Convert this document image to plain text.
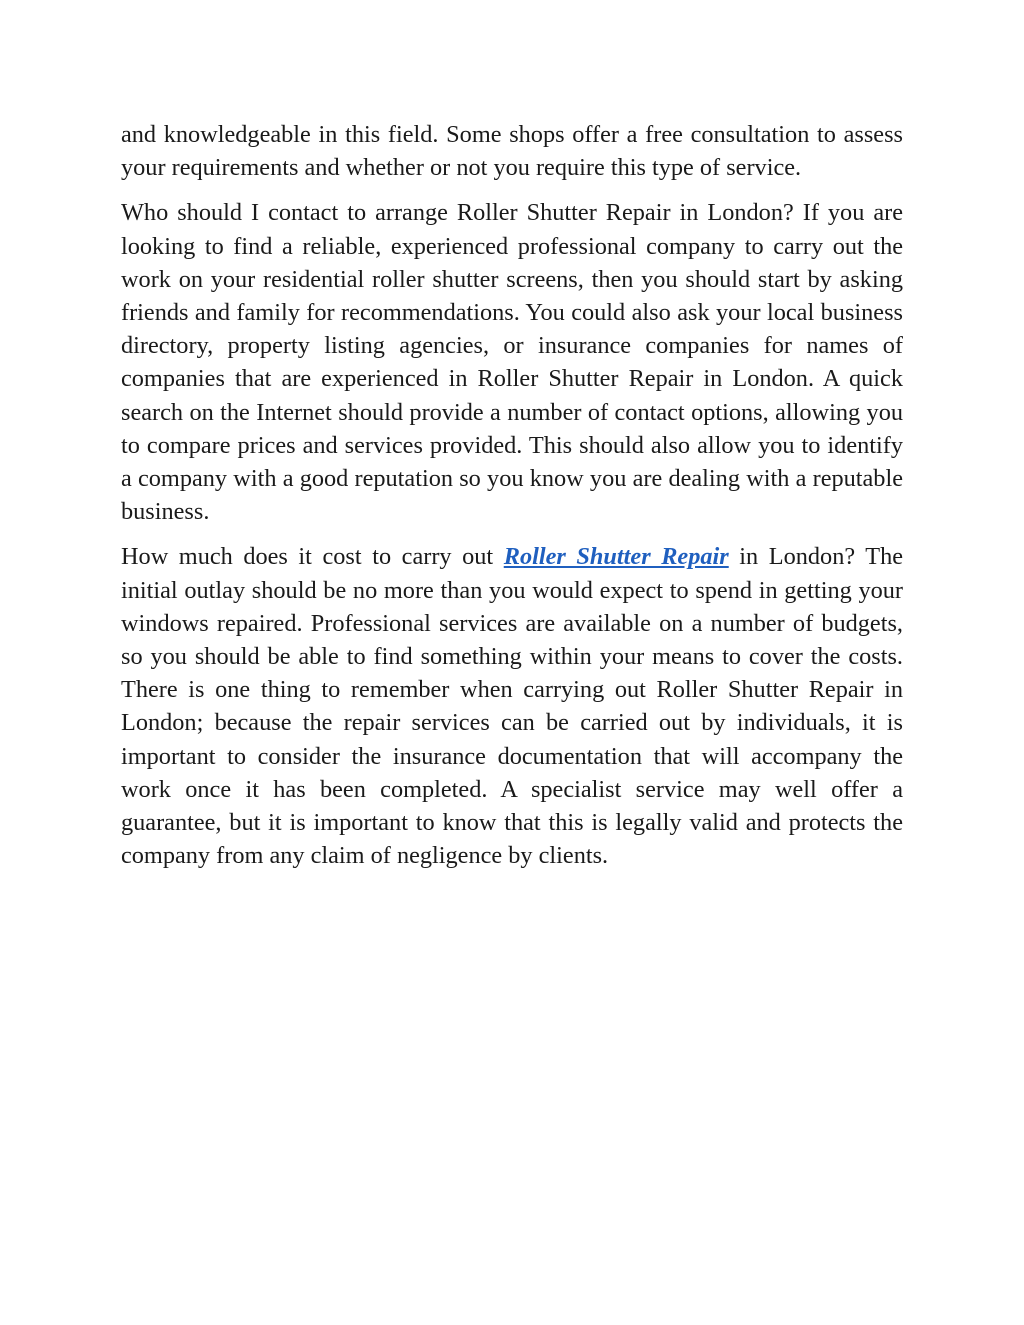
and knowledgeable in this field. Some shops offer a free consultation to assess your requirements and whether or not you require this type of service.

Who should I contact to arrange Roller Shutter Repair in London? If you are looking to find a reliable, experienced professional company to carry out the work on your residential roller shutter screens, then you should start by asking friends and family for recommendations. You could also ask your local business directory, property listing agencies, or insurance companies for names of companies that are experienced in Roller Shutter Repair in London. A quick search on the Internet should provide a number of contact options, allowing you to compare prices and services provided. This should also allow you to identify a company with a good reputation so you know you are dealing with a reputable business.

How much does it cost to carry out Roller Shutter Repair in London? The initial outlay should be no more than you would expect to spend in getting your windows repaired. Professional services are available on a number of budgets, so you should be able to find something within your means to cover the costs. There is one thing to remember when carrying out Roller Shutter Repair in London; because the repair services can be carried out by individuals, it is important to consider the insurance documentation that will accompany the work once it has been completed. A specialist service may well offer a guarantee, but it is important to know that this is legally valid and protects the company from any claim of negligence by clients.
